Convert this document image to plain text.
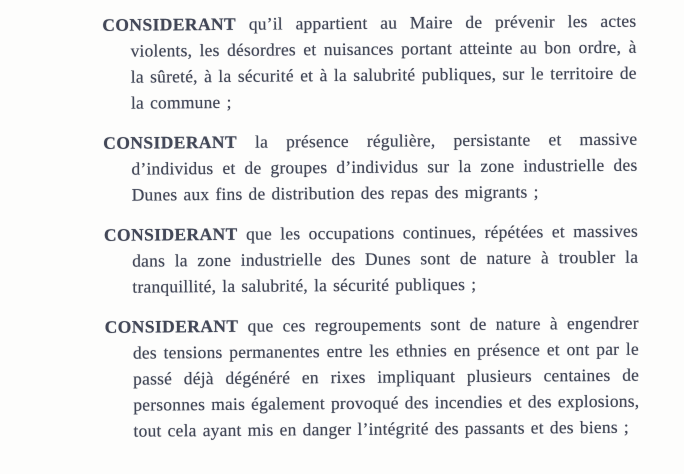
CONSIDERANT qu’il appartient au Maire de prévenir les actes violents, les désordres et nuisances portant atteinte au bon ordre, à la sûreté, à la sécurité et à la salubrité publiques, sur le territoire de la commune ;

CONSIDERANT la présence régulière, persistante et massive d’individus et de groupes d’individus sur la zone industrielle des Dunes aux fins de distribution des repas des migrants ;

CONSIDERANT que les occupations continues, répétées et massives dans la zone industrielle des Dunes sont de nature à troubler la tranquillité, la salubrité, la sécurité publiques ;

CONSIDERANT que ces regroupements sont de nature à engendrer des tensions permanentes entre les ethnies en présence et ont par le passé déjà dégénéré en rixes impliquant plusieurs centaines de personnes mais également provoqué des incendies et des explosions, tout cela ayant mis en danger l’intégrité des passants et des biens ;
